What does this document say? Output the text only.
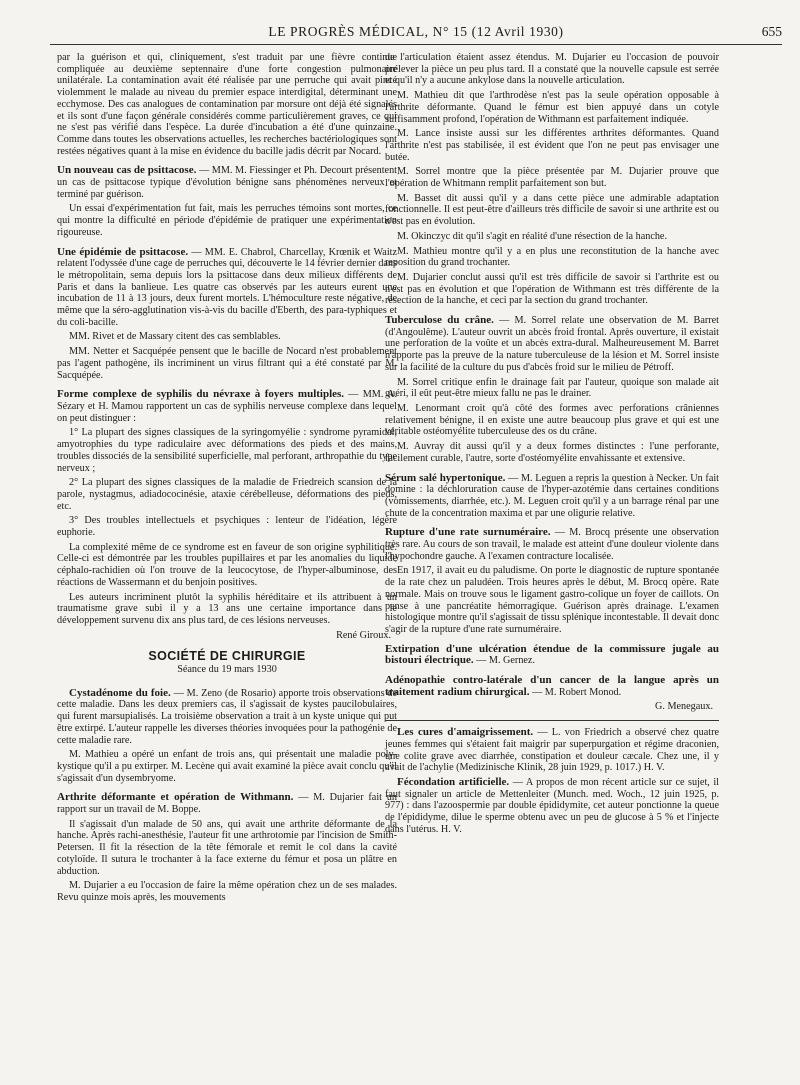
LE PROGRÈS MÉDICAL, N° 15 (12 Avril 1930)	655

par la guérison et qui, cliniquement, s'est traduit par une fièvre continue compliquée au deuxième septennaire d'une forte congestion pulmonaire unilatérale. La contamination avait été réalisée par une perruche qui avait pincé violemment le malade au niveau du premier espace interdigital, déterminant une ecchymose. Des cas analogues de contamination par morsure ont déjà été signalés et ils sont d'une façon générale considérés comme particulièrement graves, ce qui ne s'est pas vérifié dans l'espèce. La durée d'incubation a été d'une quinzaine. Comme dans toutes les observations actuelles, les recherches bactériologiques sont restées négatives quant à la mise en évidence du bacille jadis décrit par Nocard.

Un nouveau cas de psittacose. — MM. M. Fiessinger et Ph. Decourt présentent un cas de psittacose typique d'évolution bénigne sans phénomènes nerveux et terminé par guérison.

Un essai d'expérimentation fut fait, mais les perruches témoins sont mortes, ce qui montre la difficulté en période d'épidémie de pratiquer une expérimentation rigoureuse.

Une épidémie de psittacose. — MM. E. Chabrol, Charcellay, Krœnik et Waitz relatent l'odyssée d'une cage de perruches qui, découverte le 14 février dernier dans le métropolitain, sema depuis lors la psittacose dans deux milieux différents de Paris et dans la banlieue. Les quatre cas observés par les auteurs eurent une incubation de 11 à 13 jours, deux furent mortels. L'hémoculture reste négative, de même que la séro-agglutination vis-à-vis du bacille d'Eberth, des para-typhiques et du coli-bacille.

MM. Rivet et de Massary citent des cas semblables.

MM. Netter et Sacquépée pensent que le bacille de Nocard n'est probablement pas l'agent pathogène, ils incriminent un virus filtrant qui a été constaté par M. Sacquépée.

Forme complexe de syphilis du névraxe à foyers multiples. — MM. A. Sézary et H. Mamou rapportent un cas de syphilis nerveuse complexe dans lequel on peut distinguer :

1° La plupart des signes classiques de la syringomyélie : syndrome pyramidal, amyotrophies du type radiculaire avec déformations des pieds et des mains, troubles dissociés de la sensibilité superficielle, mal perforant, arthropathie du type nerveux ;

2° La plupart des signes classiques de la maladie de Friedreich scansion de la parole, nystagmus, adiadococinésie, ataxie cérébelleuse, déformations des pieds, etc.

3° Des troubles intellectuels et psychiques : lenteur de l'idéation, légère euphorie.

La complexité même de ce syndrome est en faveur de son origine syphilitique. Celle-ci est démontrée par les troubles pupillaires et par les anomalies du liquide céphalo-rachidien où l'on trouve de la leucocytose, de l'hyper-albuminose, des réactions de Wassermann et du benjoin positives.

Les auteurs incriminent plutôt la syphilis héréditaire et ils attribuent à un traumatisme grave subi il y a 13 ans une certaine importance dans le développement survenu dix ans plus tard, de ces lésions nerveuses.

René Giroux.
SOCIÉTÉ DE CHIRURGIE
Séance du 19 mars 1930

Cystadénome du foie. — M. Zeno (de Rosario) apporte trois observations de cette maladie. Dans les deux premiers cas, il s'agissait de kystes paucilobulaires, qui furent marsupialisés. La troisième observation a trait à un kyste unique qui put être extirpé. L'auteur rappelle les diverses théories invoquées pour la pathogénie de cette maladie rare.

M. Mathieu a opéré un enfant de trois ans, qui présentait une maladie poly-kystique qu'il a pu extirper. M. Lecène qui avait examiné la pièce avait conclu qu'il s'agissait d'un dysembryome.

Arthrite déformante et opération de Withmann. — M. Dujarier fait un rapport sur un travail de M. Boppe.

Il s'agissait d'un malade de 50 ans, qui avait une arthrite déformante de la hanche. Après rachi-anesthésie, l'auteur fit une arthrotomie par l'incision de Smith-Petersen. Il fit la résection de la tête fémorale et remit le col dans la cavité cotyloïde. Il sutura le trochanter à la face externe du fémur et posa un plâtre en abduction.

M. Dujarier a eu l'occasion de faire la même opération chez un de ses malades. Revu quinze mois après, les mouvements

de l'articulation étaient assez étendus. M. Dujarier eu l'occasion de pouvoir prélever la pièce un peu plus tard. Il a constaté que la nouvelle capsule est serrée et qu'il n'y a aucune ankylose dans la nouvelle articulation.

M. Mathieu dit que l'arthrodèse n'est pas la seule opération opposable à l'arthrite déformante. Quand le fémur est bien appuyé dans un cotyle suffisamment profond, l'opération de Withmann est parfaitement indiquée.

M. Lance insiste aussi sur les différentes arthrites déformantes. Quand l'arthrite n'est pas stabilisée, il est évident que l'on ne peut pas envisager une butée.

M. Sorrel montre que la pièce présentée par M. Dujarier prouve que l'opération de Whitmann remplit parfaitement son but.

M. Basset dit aussi qu'il y a dans cette pièce une admirable adaptation fonctionnelle. Il est peut-être d'ailleurs très difficile de savoir si une arthrite est ou n'est pas en évolution.

M. Okinczyc dit qu'il s'agit en réalité d'une résection de la hanche.

M. Mathieu montre qu'il y a en plus une reconstitution de la hanche avec reposition du grand trochanter.

M. Dujarier conclut aussi qu'il est très difficile de savoir si l'arthrite est ou n'est pas en évolution et que l'opération de Withmann est très différente de la résection de la hanche, et ceci par la section du grand trochanter.

Tuberculose du crâne. — M. Sorrel relate une observation de M. Barret (d'Angoulême). L'auteur ouvrit un abcès froid frontal. Après ouverture, il existait une perforation de la voûte et un abcès extra-dural. Malheureusement M. Barret n'apporte pas la preuve de la nature tuberculeuse de la lésion et M. Sorrel insiste sur la facilité de la culture du pus d'abcès froid sur le milieu de Pétroff.

M. Sorrel critique enfin le drainage fait par l'auteur, quoique son malade ait guéri, il eût peut-être mieux fallu ne pas le drainer.

M. Lenormant croit qu'à côté des formes avec perforations crâniennes relativement bénigne, il en existe une autre beaucoup plus grave et qui est une véritable ostéomyélite tuberculeuse des os du crâne.

M. Auvray dit aussi qu'il y a deux formes distinctes : l'une perforante, facilement curable, l'autre, sorte d'ostéomyélite envahissante et extensive.

Sérum salé hypertonique. — M. Leguen a repris la question à Necker. Un fait domine : la déchloruration cause de l'hyper-azotémie dans certaines conditions (vomissements, diarrhée, etc.). M. Leguen croit qu'il y a un barrage rénal par une chute de la concentration maxima et par une oligurie relative.

Rupture d'une rate surnuméraire. — M. Brocq présente une observation très rare. Au cours de son travail, le malade est atteint d'une douleur violente dans l'hypochondre gauche. A l'examen contracture localisée.

En 1917, il avait eu du paludisme. On porte le diagnostic de rupture spontanée de la rate chez un paludéen. Trois heures après le début, M. Brocq opère. Rate normale. Mais on trouve sous le ligament gastro-colique un foyer de caillots. On pense à une pancréatite hémorragique. Guérison après drainage. L'examen histologique montre qu'il s'agissait de tissu splénique incontestable. Il devait donc s'agir de la rupture d'une rate surnuméraire.

Extirpation d'une ulcération étendue de la commissure jugale au bistouri électrique. — M. Gernez.

Adénopathie contro-latérale d'un cancer de la langue après un traitement radium chirurgical. — M. Robert Monod.

G. Menegaux.

Les cures d'amaigrissement. — L. von Friedrich a observé chez quatre jeunes femmes qui s'étaient fait maigrir par superpurgation et régime draconien, une colite grave avec diarrhée, constipation et douleur cæcale. Chez une, il y avait de l'achylie (Medizinische Klinik, 28 juin 1929, p. 1017.) H. V.

Fécondation artificielle. — A propos de mon récent article sur ce sujet, il faut signaler un article de Mettenleiter (Munch. med. Woch., 12 juin 1925, p. 977) : dans l'azoospermie par double épididymite, cet auteur ponctionne la queue de l'épididyme, dilue le sperme obtenu avec un peu de glucose à 5 % et l'injecte dans l'utérus. H. V.
